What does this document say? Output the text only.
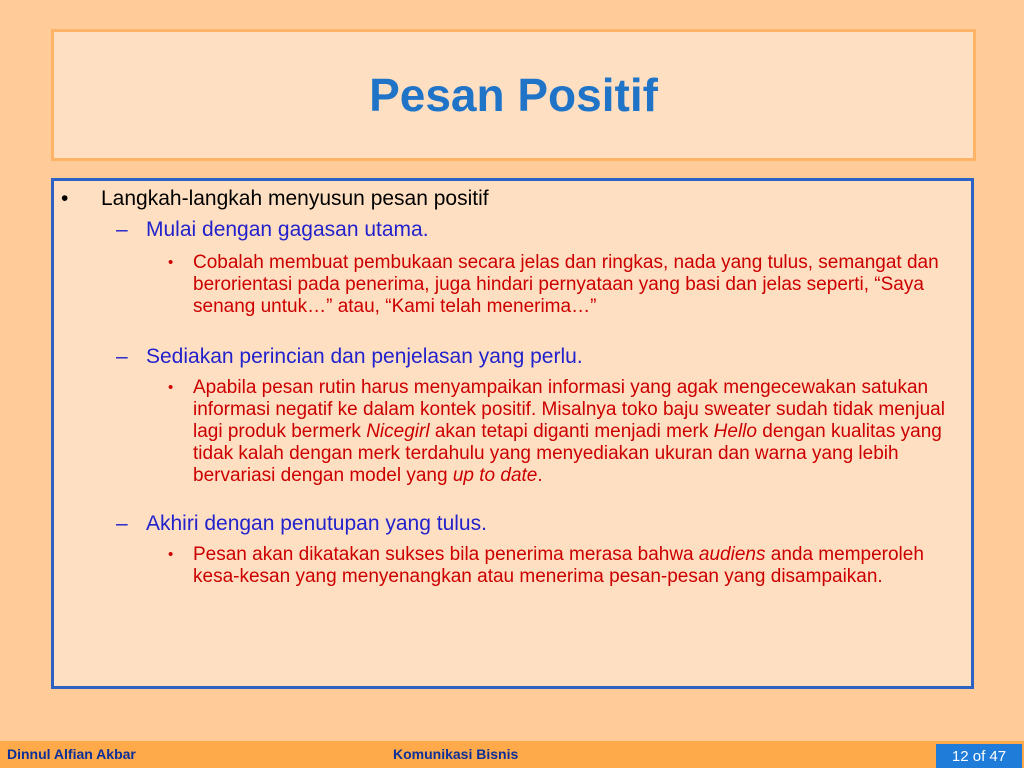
Pesan Positif
• Langkah-langkah menyusun pesan positif
– Mulai dengan gagasan utama.
• Cobalah membuat pembukaan secara jelas dan ringkas, nada yang tulus, semangat dan berorientasi pada penerima, juga hindari pernyataan yang basi dan jelas seperti, “Saya senang untuk…” atau, “Kami telah menerima…”
– Sediakan perincian dan penjelasan yang perlu.
• Apabila pesan rutin harus menyampaikan informasi yang agak mengecewakan satukan informasi negatif ke dalam kontek positif. Misalnya toko baju sweater sudah tidak menjual lagi produk bermerk Nicegirl akan tetapi diganti menjadi merk Hello dengan kualitas yang tidak kalah dengan merk terdahulu yang menyediakan ukuran dan warna yang lebih bervariasi dengan model yang up to date.
– Akhiri dengan penutupan yang tulus.
• Pesan akan dikatakan sukses bila penerima merasa bahwa audiens anda memperoleh kesa-kesan yang menyenangkan atau menerima pesan-pesan yang disampaikan.
Dinnul Alfian Akbar	Komunikasi Bisnis	12 of 47
